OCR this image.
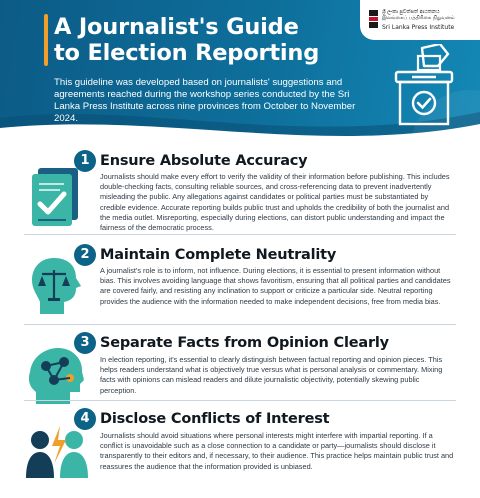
A Journalist's Guide
to Election Reporting

This guideline was developed based on journalists' suggestions and agreements reached during the workshop series conducted by the Sri Lanka Press Institute across nine provinces from October to November 2024.

ශ්‍රී ලංකා පුවත්පත් ආයතනය
இலங்கைப் பத்திரிகை நிறுவனம்
Sri Lanka Press Institute
1 Ensure Absolute Accuracy

Journalists should make every effort to verify the validity of their information before publishing. This includes double-checking facts, consulting reliable sources, and cross-referencing data to prevent inadvertently misleading the public. Any allegations against candidates or political parties must be substantiated by credible evidence. Accurate reporting builds public trust and upholds the credibility of both the journalist and the media outlet. Misreporting, especially during elections, can distort public understanding and impact the fairness of the democratic process.

2 Maintain Complete Neutrality

A journalist's role is to inform, not influence. During elections, it is essential to present information without bias. This involves avoiding language that shows favoritism, ensuring that all political parties and candidates are covered fairly, and resisting any inclination to support or criticize a particular side. Neutral reporting provides the audience with the information needed to make independent decisions, free from media bias.

3 Separate Facts from Opinion Clearly

In election reporting, it's essential to clearly distinguish between factual reporting and opinion pieces. This helps readers understand what is objectively true versus what is personal analysis or commentary. Mixing facts with opinions can mislead readers and dilute journalistic objectivity, potentially skewing public perception.

4 Disclose Conflicts of Interest

Journalists should avoid situations where personal interests might interfere with impartial reporting. If a conflict is unavoidable such as a close connection to a candidate or party—journalists should disclose it transparently to their editors and, if necessary, to their audience. This practice helps maintain public trust and reassures the audience that the information provided is unbiased.
